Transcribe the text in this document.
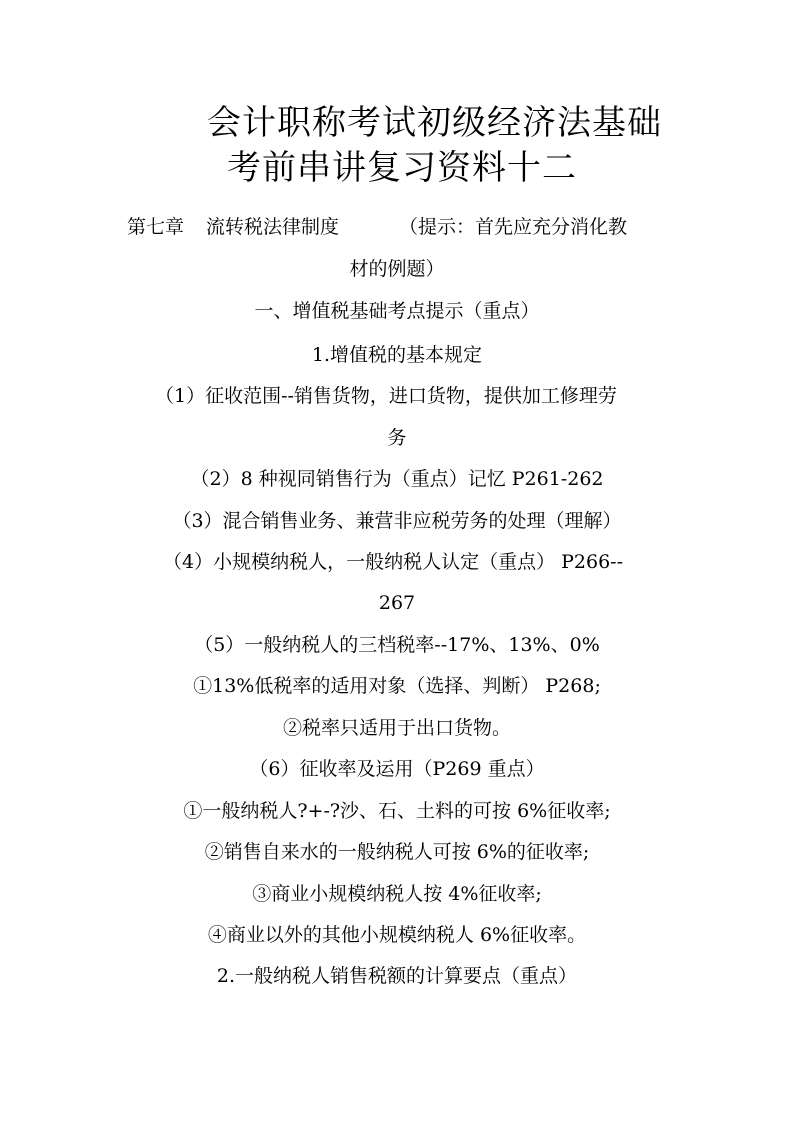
会计职称考试初级经济法基础
考前串讲复习资料十二
第七章 流转税法律制度	（提示：首先应充分消化教
材的例题）
一、增值税基础考点提示（重点）
1.增值税的基本规定
（1）征收范围--销售货物，进口货物，提供加工修理劳
务
（2）8 种视同销售行为（重点）记忆 P261-262
（3）混合销售业务、兼营非应税劳务的处理（理解）
（4）小规模纳税人，一般纳税人认定（重点） P266--
267
（5）一般纳税人的三档税率--17%、13%、0%
①13%低税率的适用对象（选择、判断） P268;
②税率只适用于出口货物。
（6）征收率及运用（P269 重点）
①一般纳税人?+-?沙、石、土料的可按 6%征收率;
②销售自来水的一般纳税人可按 6%的征收率;
③商业小规模纳税人按 4%征收率;
④商业以外的其他小规模纳税人 6%征收率。
2.一般纳税人销售税额的计算要点（重点）
